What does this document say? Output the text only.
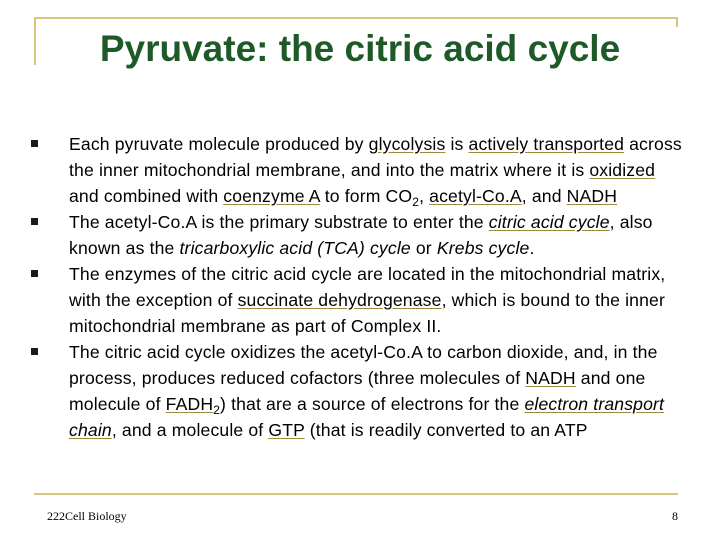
Pyruvate: the citric acid cycle
Each pyruvate molecule produced by glycolysis is actively transported across the inner mitochondrial membrane, and into the matrix where it is oxidized and combined with coenzyme A to form $CO_2$, acetyl-Co.A, and NADH
The acetyl-Co.A is the primary substrate to enter the citric acid cycle, also known as the tricarboxylic acid (TCA) cycle or Krebs cycle.
The enzymes of the citric acid cycle are located in the mitochondrial matrix, with the exception of succinate dehydrogenase, which is bound to the inner mitochondrial membrane as part of Complex II.
The citric acid cycle oxidizes the acetyl-Co.A to carbon dioxide, and, in the process, produces reduced cofactors (three molecules of NADH and one molecule of $FADH_2$) that are a source of electrons for the electron transport chain, and a molecule of GTP (that is readily converted to an ATP
222Cell Biology	8
